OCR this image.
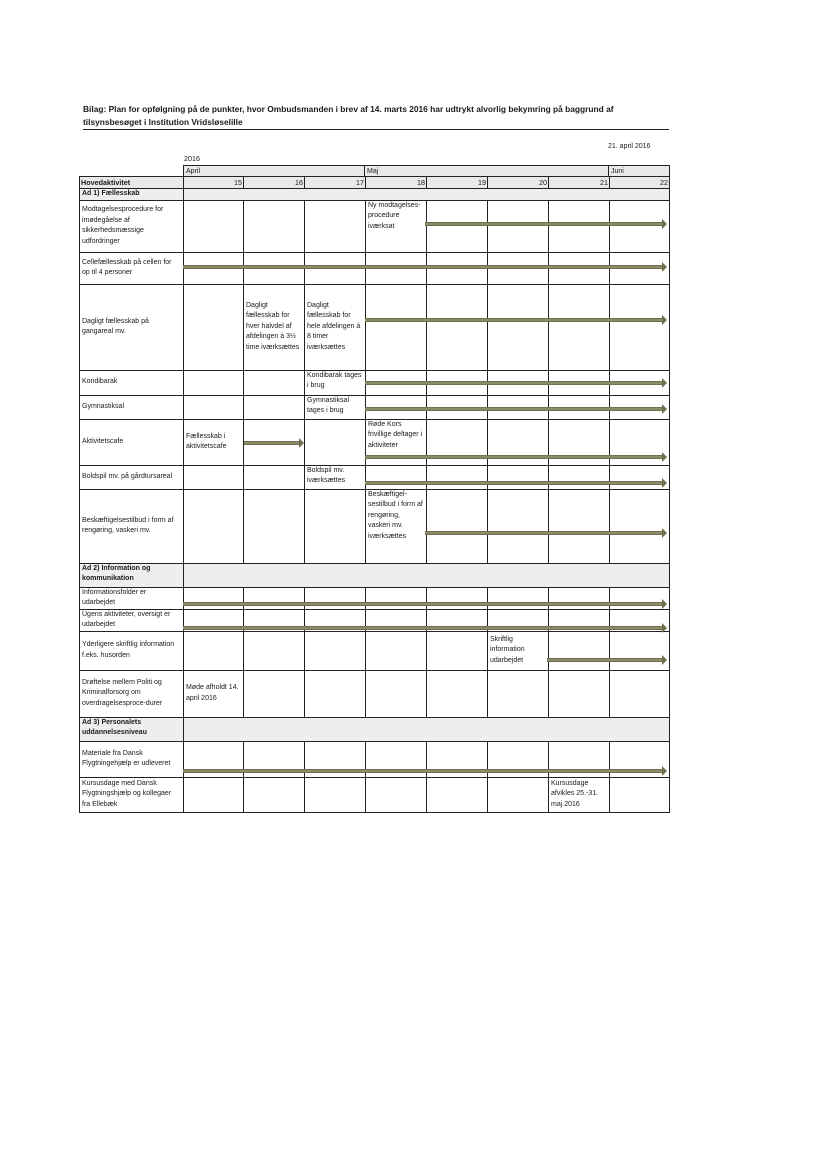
Bilag: Plan for opfølgning på de punkter, hvor Ombudsmanden i brev af 14. marts 2016 har udtrykt alvorlig bekymring på baggrund af tilsynsbesøget i Institution Vridsløselille
21. april 2016
2016
April	Maj	Juni
Hovedaktivitet	15	16	17	18	19	20	21	22
Ad 1) Fællesskab								
Modtagelsesprocedure for imødegåelse af sikkerhedsmæssige udfordringer				Ny modtagelses-procedure iværksat				
Cellefællesskab på cellen for op til 4 personer								
Dagligt fællesskab på gangareal mv.		Dagligt fællesskab for hver halvdel af afdelingen á 3½ time iværksættes	Dagligt fællesskab for hele afdelingen á 8 timer iværksættes					
Kondibarak			Kondibarak tages i brug					
Gymnastiksal			Gymnastiksal tages i brug					
Aktivitetscafe	Fællesskab i aktivitetscafe			Røde Kors frivillige deltager i aktiviteter				
Boldspil mv. på gårdtursareal			Boldspil mv. iværksættes					
Beskæftigelsestilbud i form af rengøring, vaskeri mv.				Beskæftigel-sestilbud i form af rengøring, vaskeri mv. iværksættes				
Ad 2) Information og kommunikation								
Informationsfolder er udarbejdet								
Ugens aktiviteter, oversigt er udarbejdet								
Yderligere skriftlig information f.eks. husorden						Skriftlig information udarbejdet		
Drøftelse mellem Politi og Kriminalforsorg om overdragelsesproce-durer	Møde afholdt 14. april 2016							
Ad 3) Personalets uddannelsesniveau								
Materiale fra Dansk Flygtningehjælp er udleveret								
Kursusdage med Dansk Flygtningshjælp og kollegaer fra Ellebæk							Kursusdage afvikles 25.-31. maj 2016	
